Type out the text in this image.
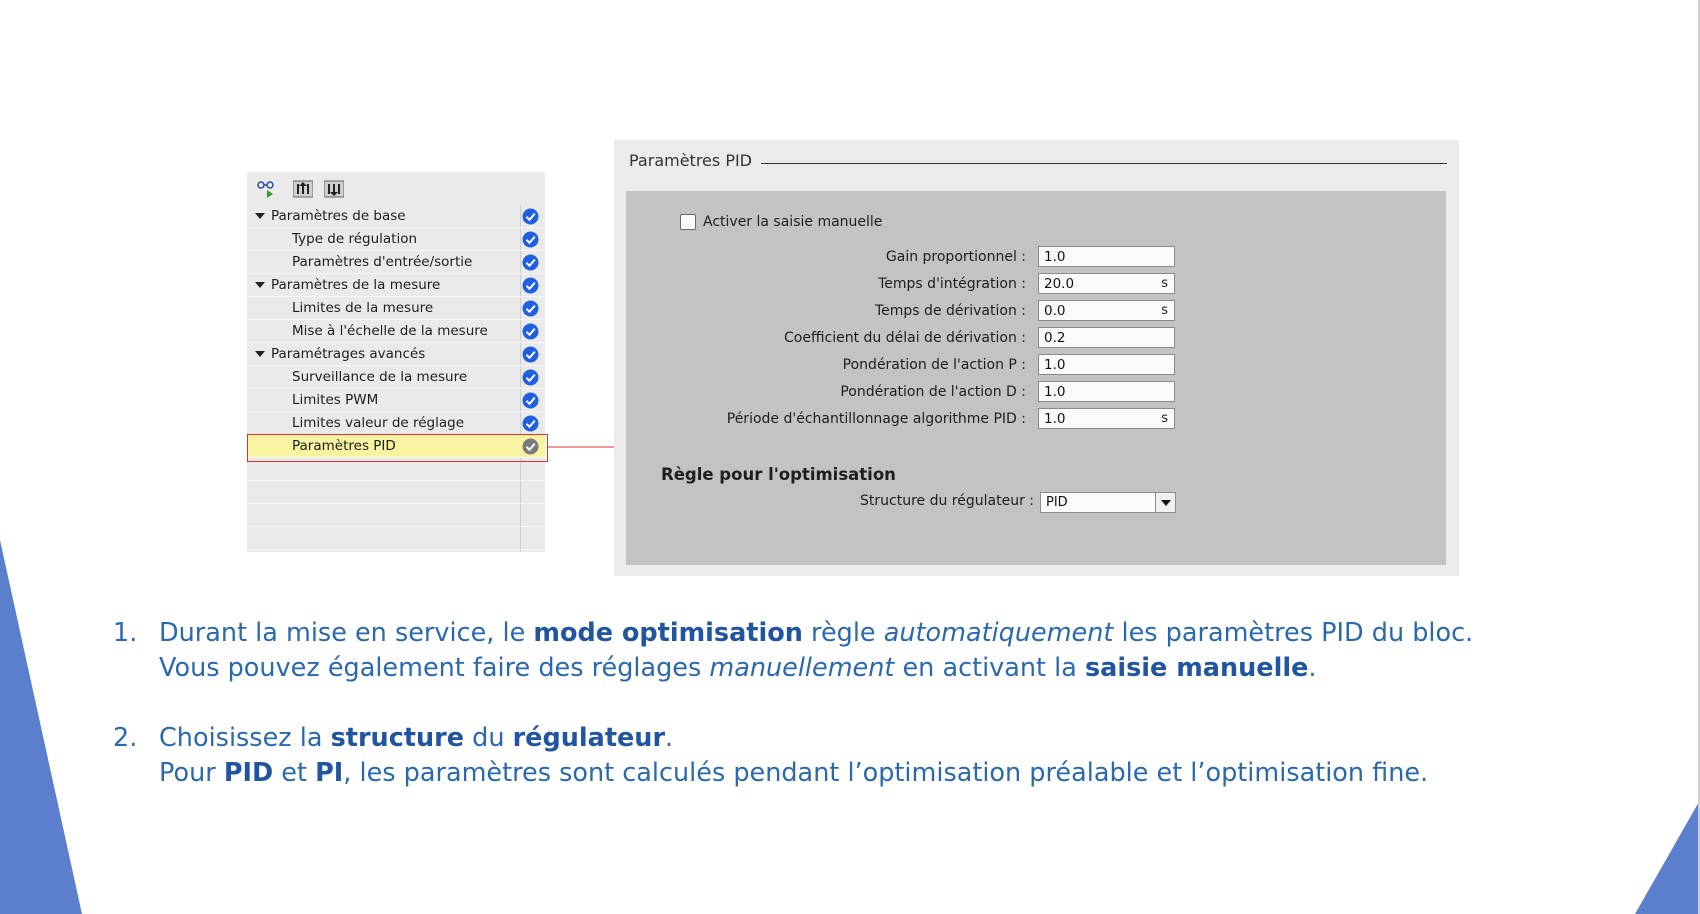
Paramètres de base
Type de régulation
Paramètres d'entrée/sortie
Paramètres de la mesure
Limites de la mesure
Mise à l'échelle de la mesure
Paramétrages avancés
Surveillance de la mesure
Limites PWM
Limites valeur de réglage
Paramètres PID
Paramètres PID
Activer la saisie manuelle
Gain proportionnel : 1.0
Temps d'intégration : 20.0	s
Temps de dérivation : 0.0	s
Coefficient du délai de dérivation : 0.2
Pondération de l'action P : 1.0
Pondération de l'action D : 1.0
Période d'échantillonnage algorithme PID : 1.0	s
Règle pour l'optimisation
Structure du régulateur : PID
1. Durant la mise en service, le mode optimisation règle automatiquement les paramètres PID du bloc.
Vous pouvez également faire des réglages manuellement en activant la saisie manuelle.
2. Choisissez la structure du régulateur.
Pour PID et PI, les paramètres sont calculés pendant l’optimisation préalable et l’optimisation fine.
